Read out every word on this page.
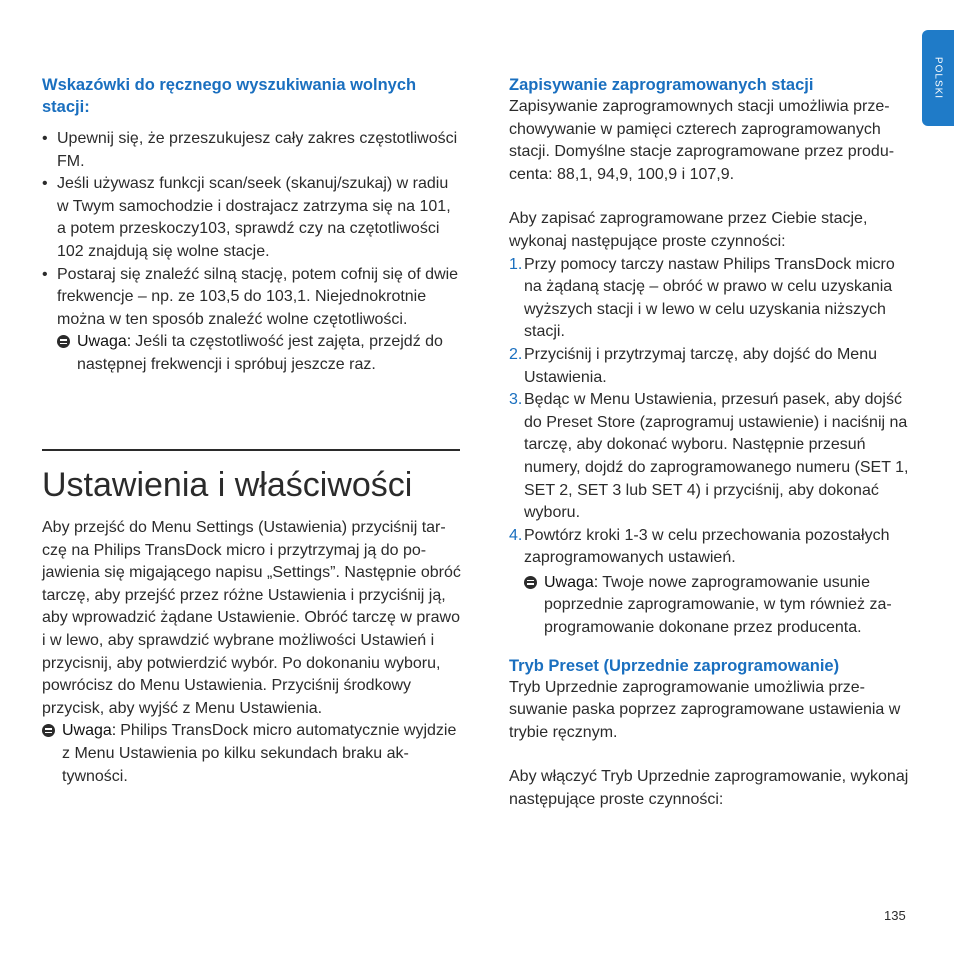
POLSKI
Wskazówki do ręcznego wyszukiwania wolnych stacji:
• Upewnij się, że przeszukujesz cały zakres częstotliwości FM.
• Jeśli używasz funkcji scan/seek (skanuj/szukaj) w radiu w Twym samochodzie i dostrajacz zatrzyma się na 101, a potem przeskoczy103, sprawdź czy na czętotliwości 102 znajdują się wolne stacje.
• Postaraj się znaleźć silną stację, potem cofnij się of dwie frekwencje – np. ze 103,5 do 103,1. Niejednokrotnie można w ten sposób znaleźć wolne czętotliwości.
Uwaga: Jeśli ta częstotliwość jest zajęta, przejdź do następnej frekwencji i spróbuj jeszcze raz.
Ustawienia i właściwości

Aby przejść do Menu Settings (Ustawienia) przyciśnij tarczę na Philips TransDock micro i przytrzymaj ją do pojawienia się migającego napisu „Settings”. Następnie obróć tarczę, aby przejść przez różne Ustawienia i przyciśnij ją, aby wprowadzić żądane Ustawienie. Obróć tarczę w prawo i w lewo, aby sprawdzić wybrane możliwości Ustawień i przycisnij, aby potwierdzić wybór. Po dokonaniu wyboru, powrócisz do Menu Ustawienia. Przyciśnij środkowy przycisk, aby wyjść z Menu Ustawienia.

Uwaga: Philips TransDock micro automatycznie wyjdzie z Menu Ustawienia po kilku sekundach braku aktywności.
Zapisywanie zaprogramowanych stacji

Zapisywanie zaprogramownych stacji umożliwia przechowywanie w pamięci czterech zaprogramowanych stacji. Domyślne stacje zaprogramowane przez producenta: 88,1, 94,9, 100,9 i 107,9.

Aby zapisać zaprogramowane przez Ciebie stacje, wykonaj następujące proste czynności:

1. Przy pomocy tarczy nastaw Philips TransDock micro na żądaną stację – obróć w prawo w celu uzyskania wyższych stacji i w lewo w celu uzyskania niższych stacji.
2. Przyciśnij i przytrzymaj tarczę, aby dojść do Menu Ustawienia.
3. Będąc w Menu Ustawienia, przesuń pasek, aby dojść do Preset Store (zaprogramuj ustawienie) i naciśnij na tarczę, aby dokonać wyboru. Następnie przesuń numery, dojdź do zaprogramowanego numeru (SET 1, SET 2, SET 3 lub SET 4) i przyciśnij, aby dokonać wyboru.
4. Powtórz kroki 1-3 w celu przechowania pozostałych zaprogramowanych ustawień.
Uwaga: Twoje nowe zaprogramowanie usunie poprzednie zaprogramowanie, w tym również zaprogramowanie dokonane przez producenta.
Tryb Preset (Uprzednie zaprogramowanie)

Tryb Uprzednie zaprogramowanie umożliwia przesuwanie paska poprzez zaprogramowane ustawienia w trybie ręcznym.

Aby włączyć Tryb Uprzednie zaprogramowanie, wykonaj następujące proste czynności:

135
